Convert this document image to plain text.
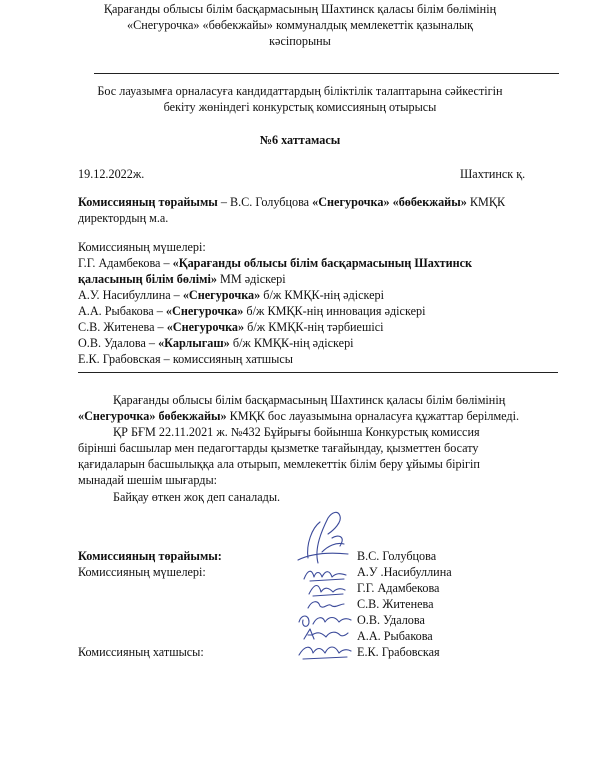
Қарағанды облысы білім басқармасының Шахтинск қаласы білім бөлімінің
«Снегурочка» «бөбекжайы» коммуналдық мемлекеттік қазыналық
кәсіпорыны
Бос лауазымға орналасуға кандидаттардың біліктілік талаптарына сәйкестігін
бекіту жөніндегі конкурстық комиссияның отырысы
№6 хаттамасы
19.12.2022ж.	Шахтинск қ.
Комиссияның төрайымы – В.С. Голубцова «Снегурочка» «бөбекжайы» КМҚК
директордың м.а.
Комиссияның мүшелері:
Г.Г. Адамбекова – «Қарағанды облысы білім басқармасының Шахтинск
қаласының білім бөлімі» ММ әдіскері
А.У. Насибуллина – «Снегурочка» б/ж КМҚК-нің әдіскері
А.А. Рыбакова – «Снегурочка» б/ж КМҚК-нің инновация әдіскері
С.В. Житенева – «Снегурочка» б/ж КМҚК-нің тәрбиешісі
О.В. Удалова – «Карлыгаш» б/ж КМҚК-нің әдіскері
Е.К. Грабовская – комиссияның хатшысы
Қарағанды облысы білім басқармасының Шахтинск қаласы білім бөлімінің
«Снегурочка» бөбекжайы» КМҚК бос лауазымына орналасуға құжаттар берілмеді.
ҚР БҒМ 22.11.2021 ж. №432 Бұйрығы бойынша Конкурстық комиссия
бірінші басшылар мен педагогтарды қызметке тағайындау, қызметтен босату
қағидаларын басшылыққа ала отырып, мемлекеттік білім беру ұйымы бірігіп
мынадай шешім шығарды:
Байқау өткен жоқ деп саналады.
Комиссияның төрайымы:
Комиссияның мүшелері:
Комиссияның хатшысы:
В.С. Голубцова
А.У .Насибуллина
Г.Г. Адамбекова
С.В. Житенева
О.В. Удалова
А.А. Рыбакова
Е.К. Грабовская
